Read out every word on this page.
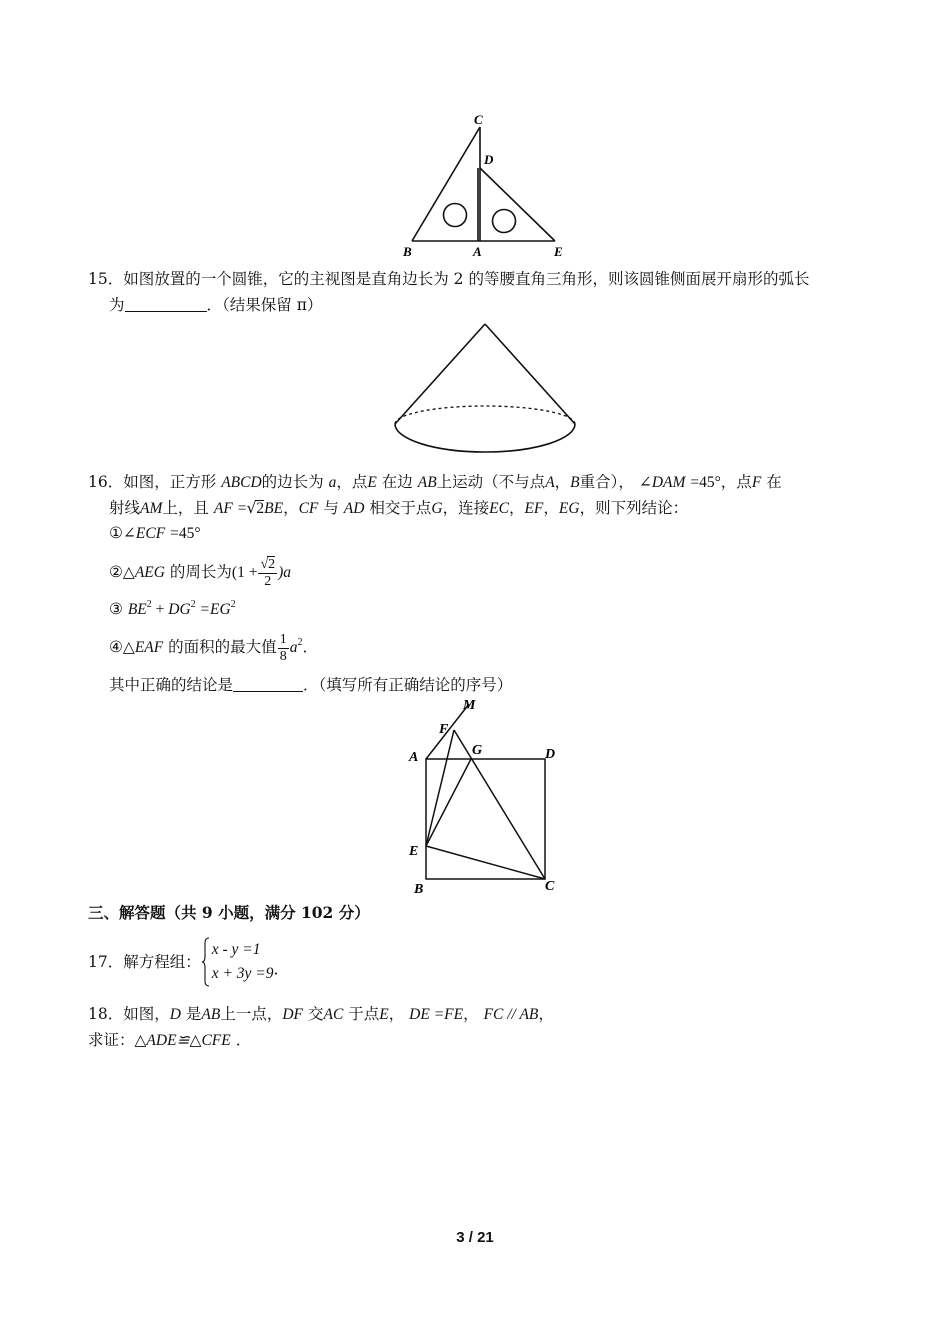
C
D
B	A	E
15．如图放置的一个圆锥，它的主视图是直角边长为 2 的等腰直角三角形，则该圆锥侧面展开扇形的弧长
为	．（结果保留 π）
16．如图，正方形 ABCD的边长为 a，点E 在边 AB上运动（不与点A，B重合）， ∠DAM =45°，点F 在
射线AM上，且 AF =√2BE，CF 与 AD 相交于点G，连接EC，EF，EG，则下列结论：
①∠ECF =45°
②△AEG 的周长为$(1 + \frac{√2}{2} )a$
③ $BE^2 + DG^2 =EG^2$
④△EAF 的面积的最大值 $\frac{1}{8} a^2$．
其中正确的结论是	．（填写所有正确结论的序号）
M
F
A	G	D
E
B	C
三、解答题（共 9 小题，满分 102 分）
17．解方程组：
x - y =1
x + 3y =9 ．
18．如图，D 是AB上一点，DF 交AC 于点E， DE =FE， FC // AB，
求证：△ADE≌△CFE ．
3 / 21
